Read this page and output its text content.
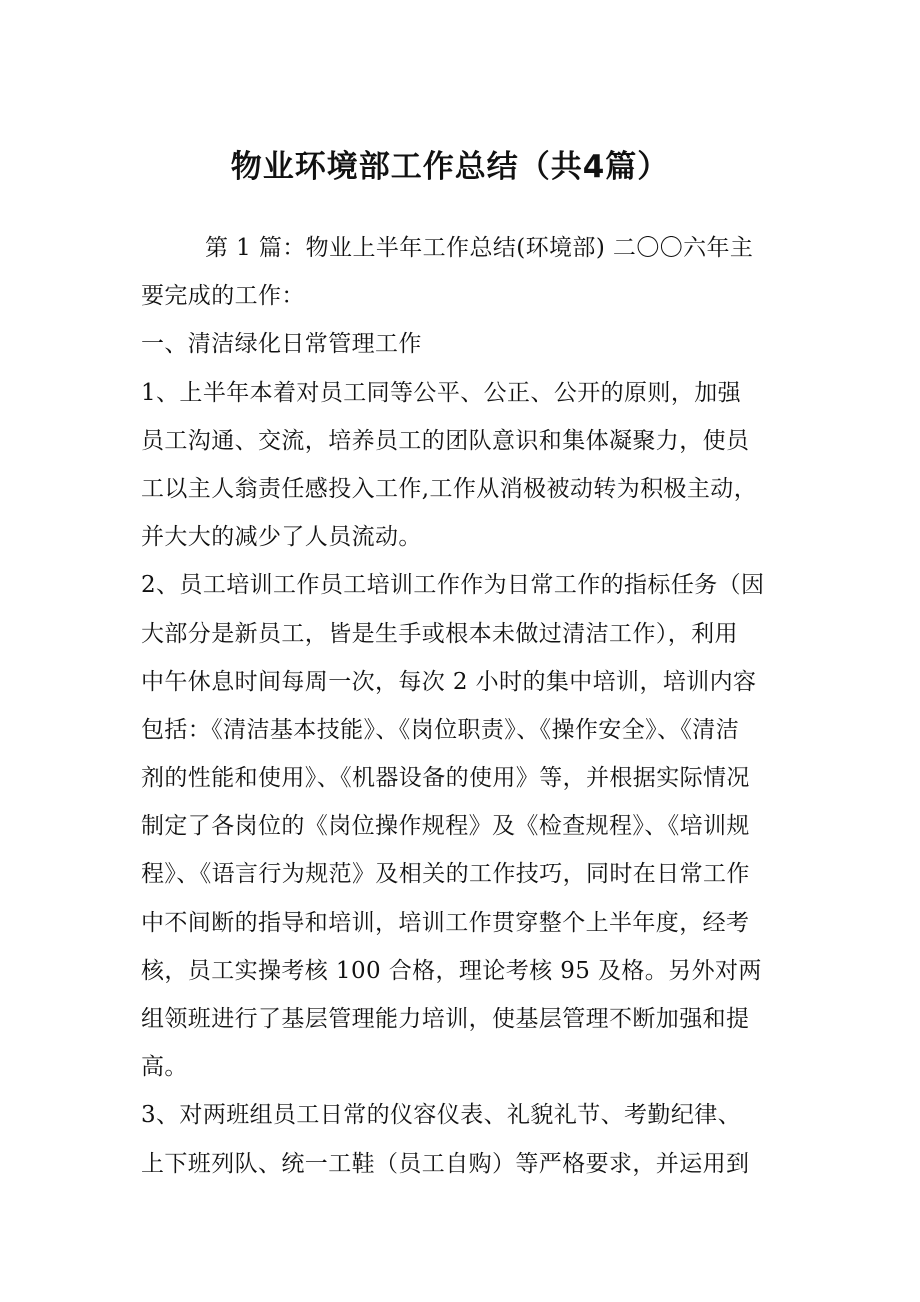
物业环境部工作总结（共4篇）
第 1 篇：物业上半年工作总结(环境部) 二〇〇六年主
要完成的工作：
一、清洁绿化日常管理工作
1、上半年本着对员工同等公平、公正、公开的原则，加强
员工沟通、交流，培养员工的团队意识和集体凝聚力，使员
工以主人翁责任感投入工作,工作从消极被动转为积极主动，
并大大的减少了人员流动。
2、员工培训工作员工培训工作作为日常工作的指标任务（因
大部分是新员工，皆是生手或根本未做过清洁工作），利用
中午休息时间每周一次，每次 2 小时的集中培训，培训内容
包括：《清洁基本技能》、《岗位职责》、《操作安全》、《清洁
剂的性能和使用》、《机器设备的使用》等，并根据实际情况
制定了各岗位的《岗位操作规程》及《检查规程》、《培训规
程》、《语言行为规范》及相关的工作技巧，同时在日常工作
中不间断的指导和培训，培训工作贯穿整个上半年度，经考
核，员工实操考核 100 合格，理论考核 95 及格。另外对两
组领班进行了基层管理能力培训，使基层管理不断加强和提
高。
3、对两班组员工日常的仪容仪表、礼貌礼节、考勤纪律、
上下班列队、统一工鞋（员工自购）等严格要求，并运用到
